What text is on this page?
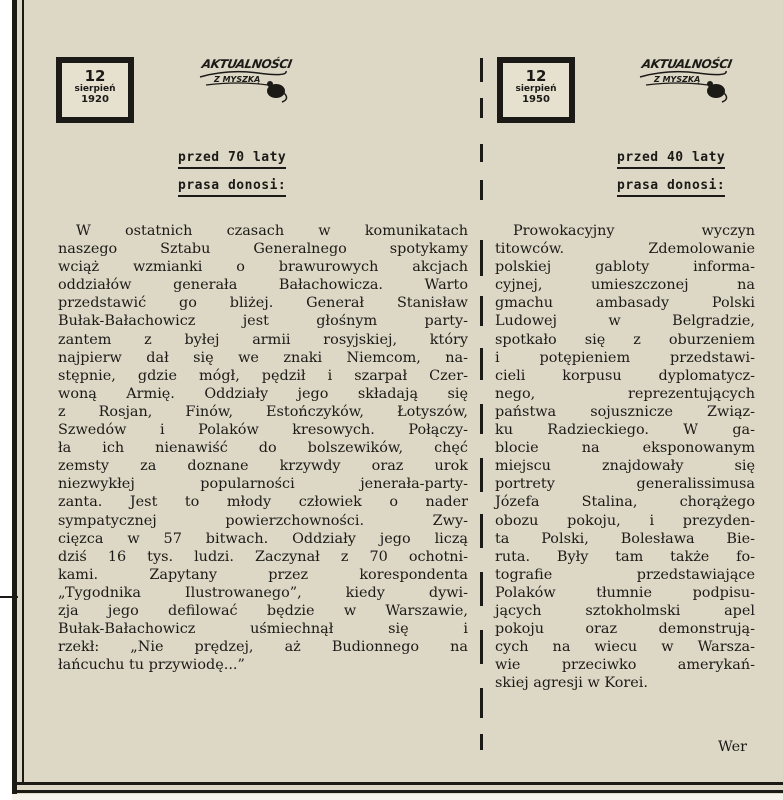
12
sierpień
1920
AKTUALNOŚCI
Z MYSZKĄ
przed 70 laty
prasa donosi:
W ostatnich czasach w komunikatach
naszego Sztabu Generalnego spotykamy
wciąż wzmianki o brawurowych akcjach
oddziałów generała Bałachowicza. Warto
przedstawić go bliżej. Generał Stanisław
Bułak-Bałachowicz jest głośnym party-
zantem z byłej armii rosyjskiej, który
najpierw dał się we znaki Niemcom, na-
stępnie, gdzie mógł, pędził i szarpał Czer-
woną Armię. Oddziały jego składają się
z Rosjan, Finów, Estończyków, Łotyszów,
Szwedów i Polaków kresowych. Połączy-
ła ich nienawiść do bolszewików, chęć
zemsty za doznane krzywdy oraz urok
niezwykłej popularności jenerała-party-
zanta. Jest to młody człowiek o nader
sympatycznej powierzchowności. Zwy-
cięzca w 57 bitwach. Oddziały jego liczą
dziś 16 tys. ludzi. Zaczynał z 70 ochotni-
kami. Zapytany przez korespondenta
„Tygodnika Ilustrowanego”, kiedy dywi-
zja jego defilować będzie w Warszawie,
Bułak-Bałachowicz uśmiechnął się i
rzekł: „Nie prędzej, aż Budionnego na
łańcuchu tu przywiodę...”
12
sierpień
1950
AKTUALNOŚCI
Z MYSZKĄ
przed 40 laty
prasa donosi:
Prowokacyjny wyczyn
titowców. Zdemolowanie
polskiej gabloty informa-
cyjnej, umieszczonej na
gmachu ambasady Polski
Ludowej w Belgradzie,
spotkało się z oburzeniem
i potępieniem przedstawi-
cieli korpusu dyplomatycz-
nego, reprezentujących
państwa sojusznicze Związ-
ku Radzieckiego. W ga-
blocie na eksponowanym
miejscu znajdowały się
portrety generalissimusa
Józefa Stalina, chorążego
obozu pokoju, i prezyden-
ta Polski, Bolesława Bie-
ruta. Były tam także fo-
tografie przedstawiające
Polaków tłumnie podpisu-
jących sztokholmski apel
pokoju oraz demonstrują-
cych na wiecu w Warsza-
wie przeciwko amerykań-
skiej agresji w Korei.
Wer
